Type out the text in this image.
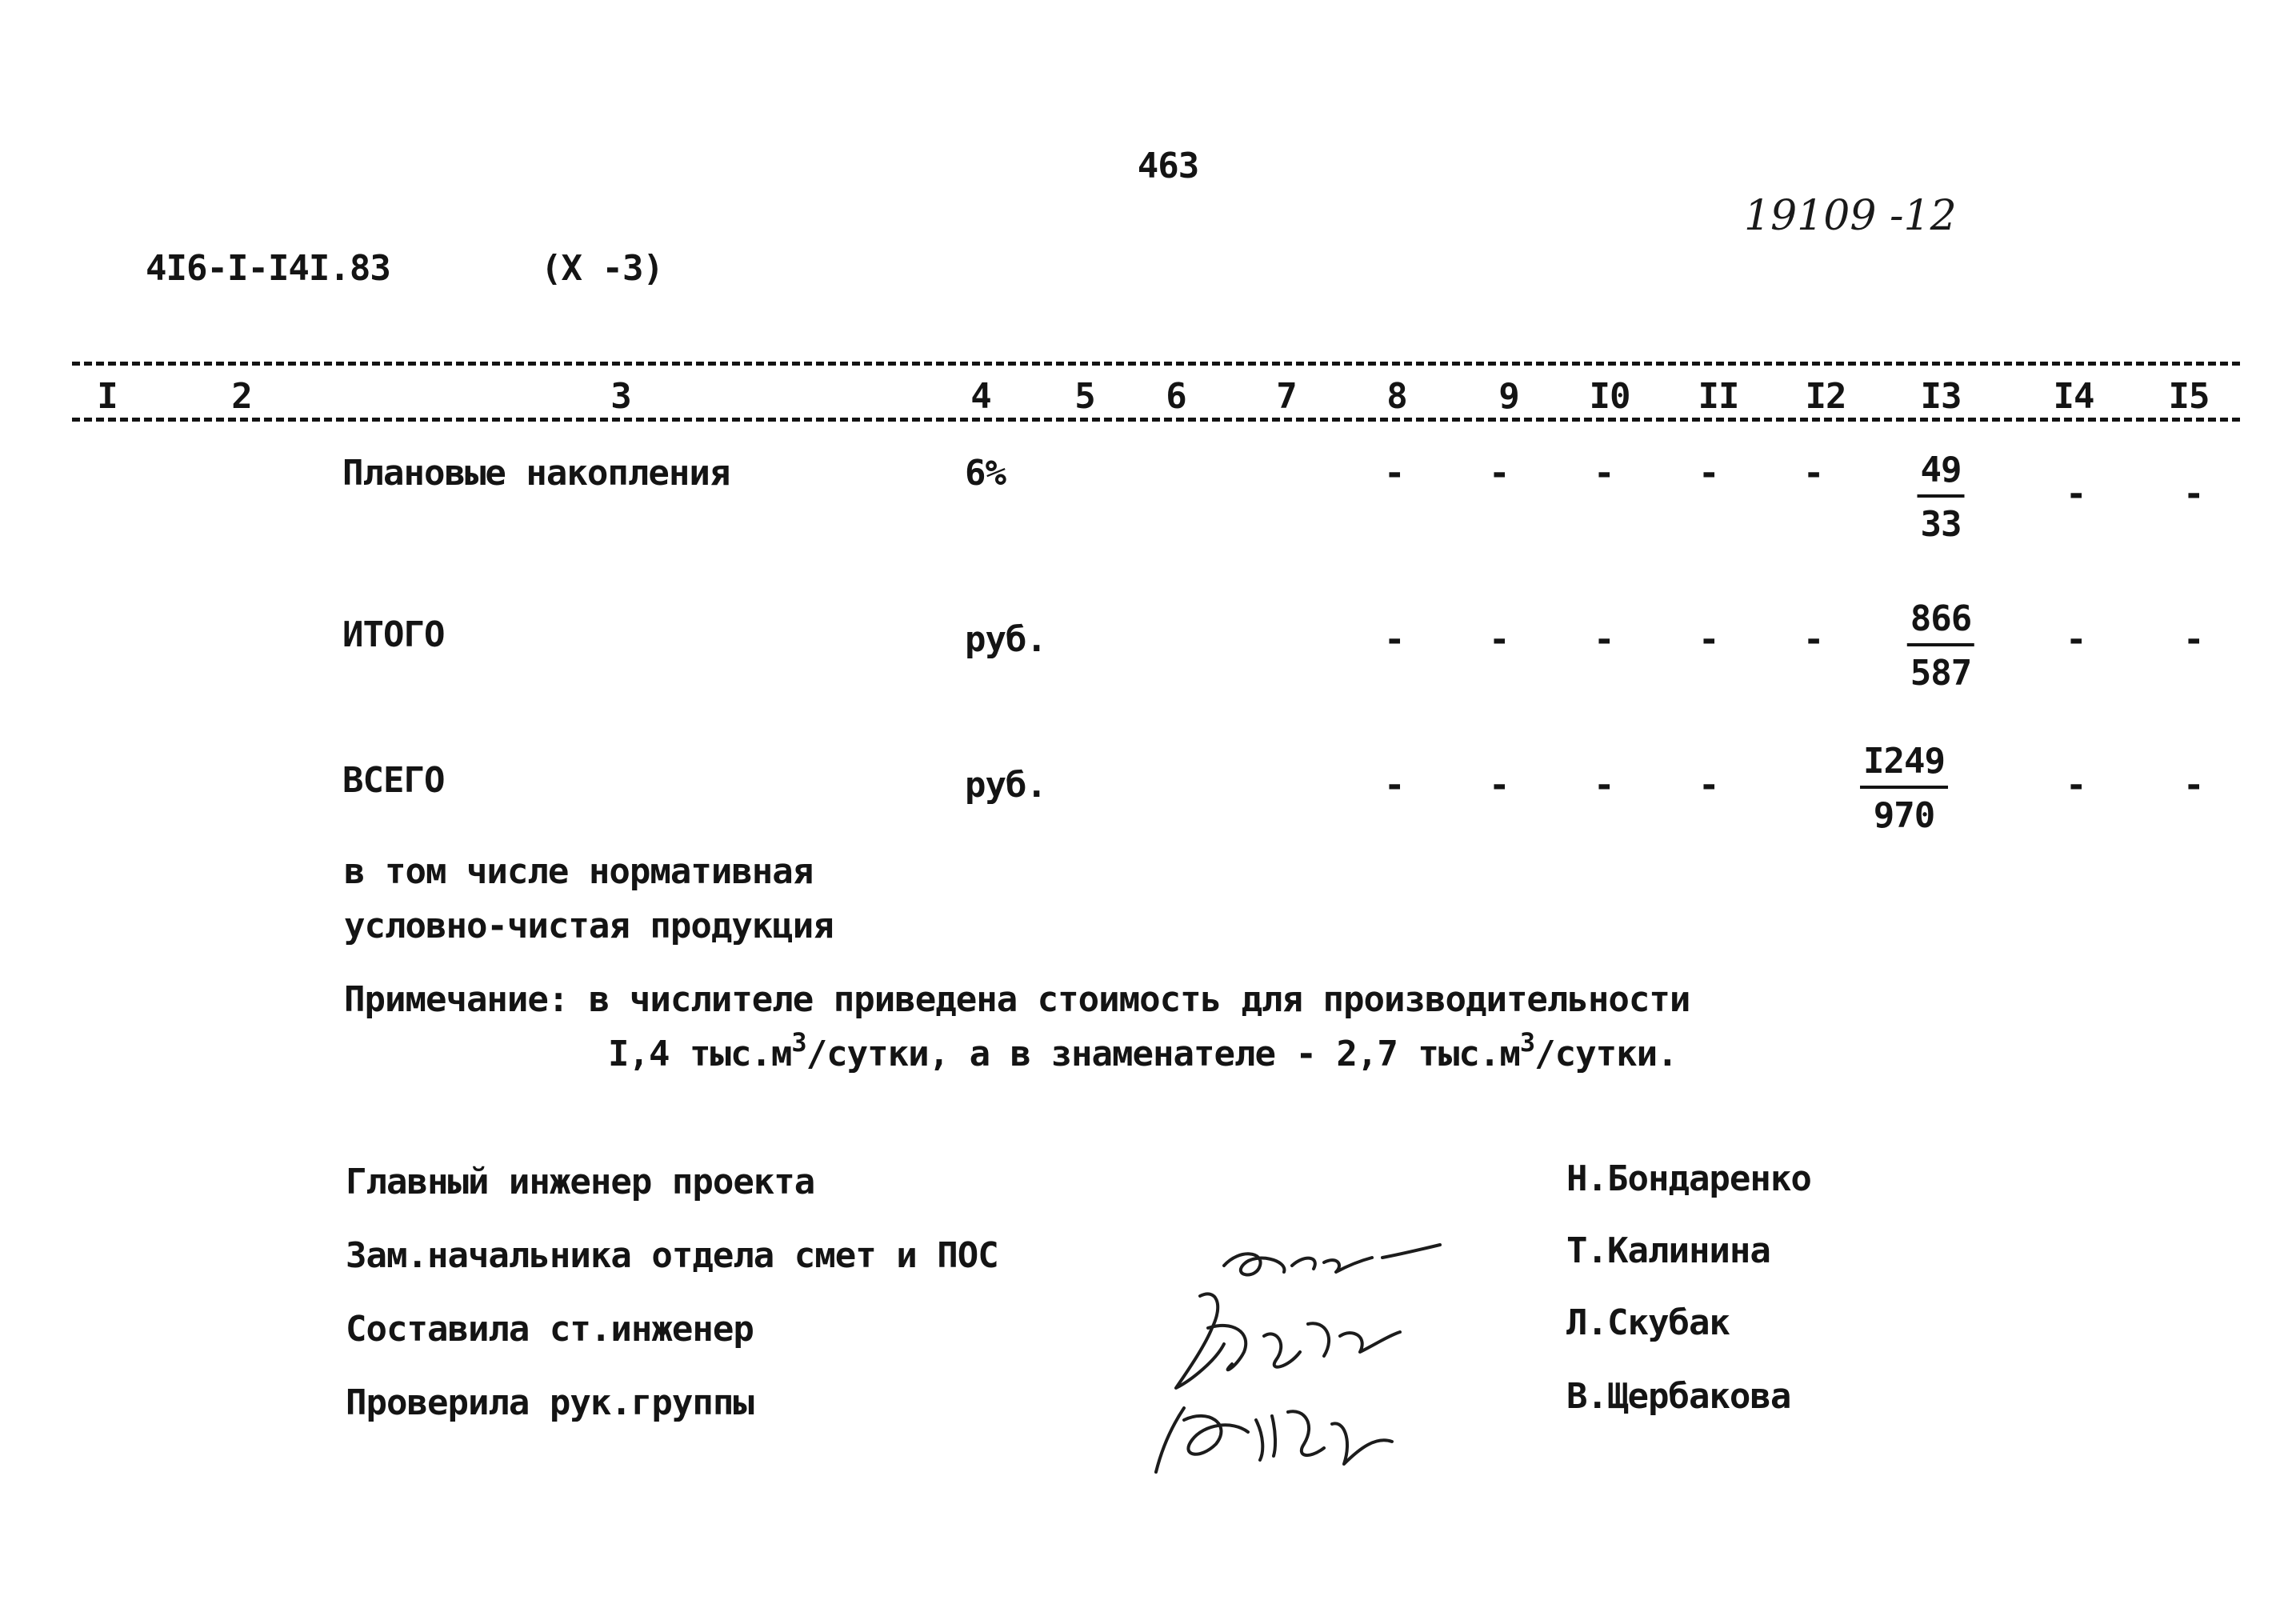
463
19109 -12
4I6-I-I4I.83	(X -3)
I	2	3	4 5 6	7	8	9 I0 II I2 I3	I4 I5
Плановые накопления	6%	- - - - -	$\frac{49}{33}$	- -
ИТОГО	руб.	- - - - - $\frac{866}{587}$	- -
ВСЕГО	руб.	- - - -	$\frac{I249}{970}$	- -
в том числе нормативная
условно-чистая продукция
Примечание: в числителе приведена стоимость для производительности
I,4 $тыс.м^3$/сутки, а в знаменателе - 2,7 $тыс.м^3$/сутки.
Главный инженер проекта	Н.Бондаренко
Зам.начальника отдела смет и ПОС	Т.Калинина
Составила ст.инженер	Л.Скубак
Проверила рук.группы	В.Щербакова
